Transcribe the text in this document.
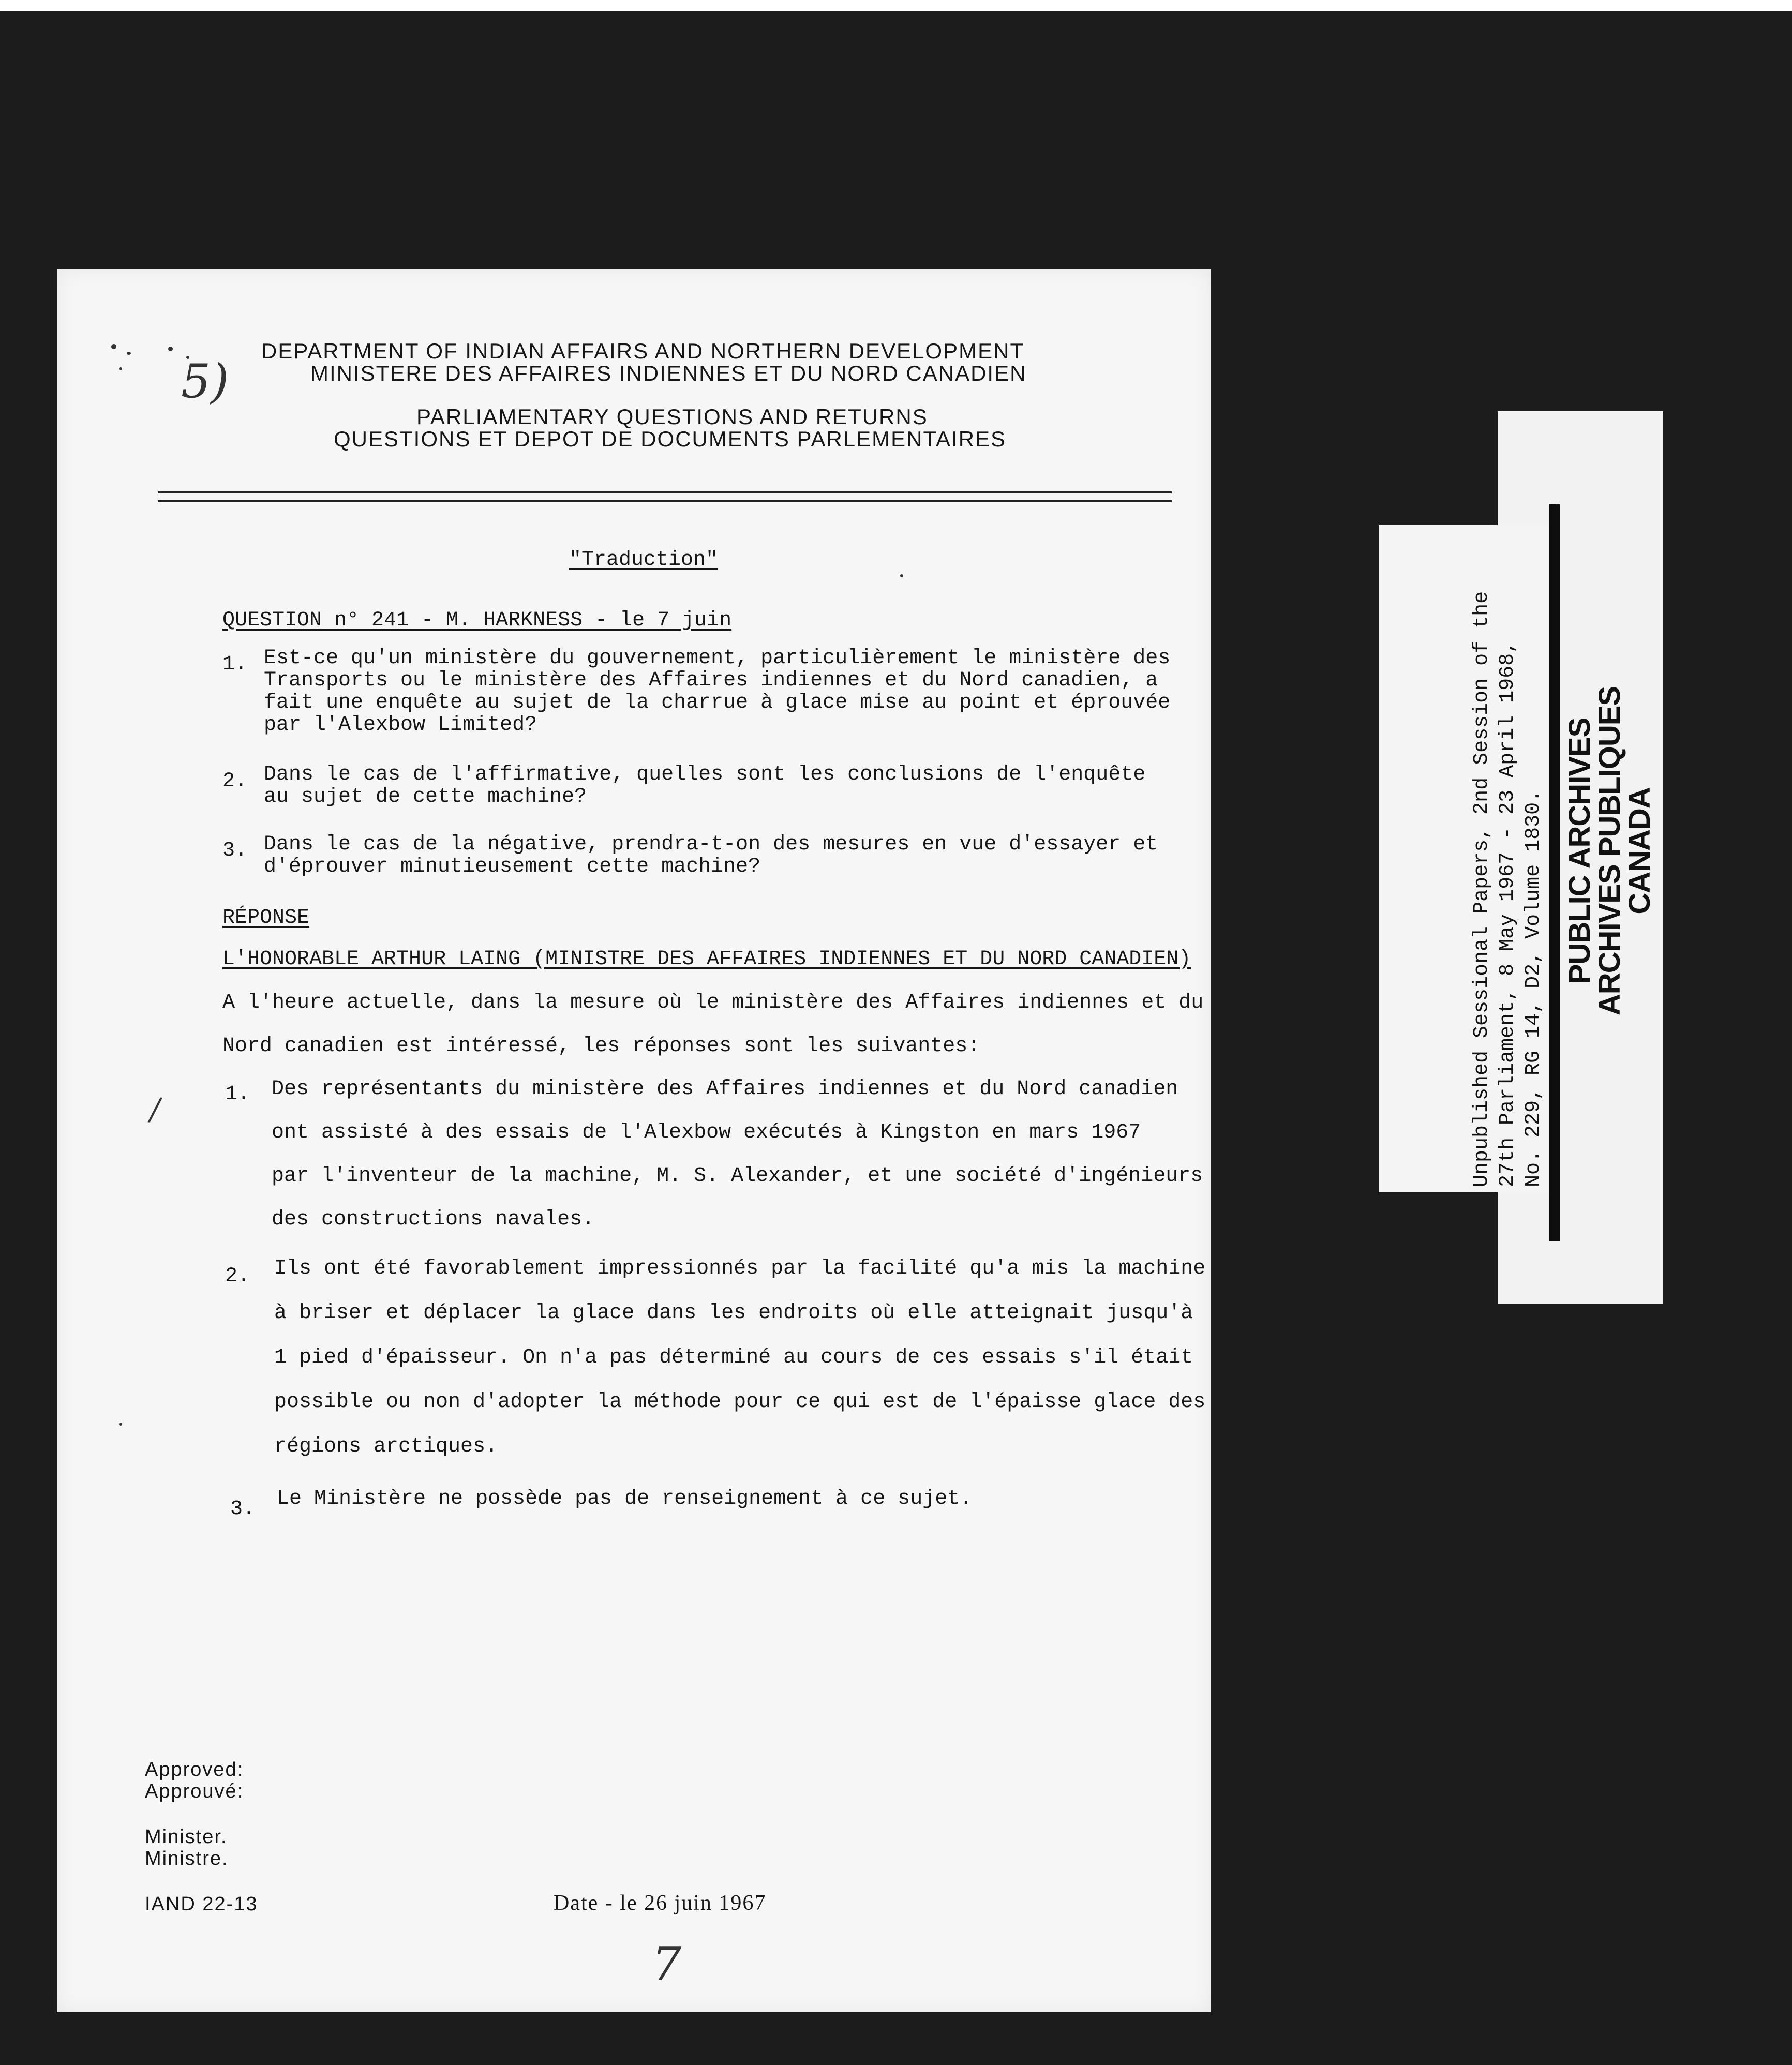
5)
DEPARTMENT OF INDIAN AFFAIRS AND NORTHERN DEVELOPMENT
MINISTERE DES AFFAIRES INDIENNES ET DU NORD CANADIEN
PARLIAMENTARY QUESTIONS AND RETURNS
QUESTIONS ET DEPOT DE DOCUMENTS PARLEMENTAIRES
"Traduction"
QUESTION n° 241 - M. HARKNESS - le 7 juin
1. Est-ce qu'un ministère du gouvernement, particulièrement le ministère des
Transports ou le ministère des Affaires indiennes et du Nord canadien, a
fait une enquête au sujet de la charrue à glace mise au point et éprouvée
par l'Alexbow Limited?
2. Dans le cas de l'affirmative, quelles sont les conclusions de l'enquête
au sujet de cette machine?
3. Dans le cas de la négative, prendra-t-on des mesures en vue d'essayer et
d'éprouver minutieusement cette machine?
RÉPONSE
L'HONORABLE ARTHUR LAING (MINISTRE DES AFFAIRES INDIENNES ET DU NORD CANADIEN)
A l'heure actuelle, dans la mesure où le ministère des Affaires indiennes et du
Nord canadien est intéressé, les réponses sont les suivantes:
/	1. Des représentants du ministère des Affaires indiennes et du Nord canadien
ont assisté à des essais de l'Alexbow exécutés à Kingston en mars 1967
par l'inventeur de la machine, M. S. Alexander, et une société d'ingénieurs
des constructions navales.
2. Ils ont été favorablement impressionnés par la facilité qu'a mis la machine
à briser et déplacer la glace dans les endroits où elle atteignait jusqu'à
1 pied d'épaisseur. On n'a pas déterminé au cours de ces essais s'il était
possible ou non d'adopter la méthode pour ce qui est de l'épaisse glace des
régions arctiques.
3. Le Ministère ne possède pas de renseignement à ce sujet.
Approved:
Approuvé:
Minister.
Ministre.
IAND 22-13	Date - le 26 juin 1967
7
Unpublished Sessional Papers, 2nd Session of the 27th Parliament, 8 May 1967 - 23 April 1968, No. 229, RG 14, D2, Volume 1830. PUBLIC ARCHIVES
ARCHIVES PUBLIQUES
CANADA
